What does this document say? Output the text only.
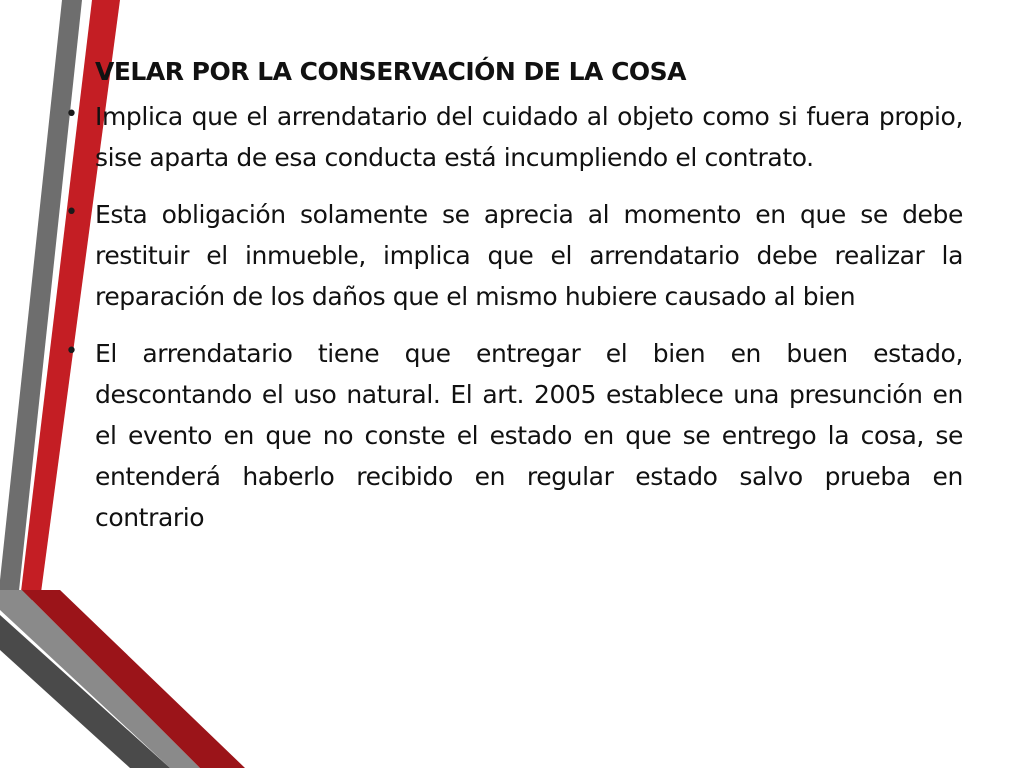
VELAR POR LA CONSERVACIÓN DE LA COSA
• Implica que el arrendatario del cuidado al objeto como si fuera propio, sise aparta de esa conducta está incumpliendo el contrato.
• Esta obligación solamente se aprecia al momento en que se debe restituir el inmueble, implica que el arrendatario debe realizar la reparación de los daños que el mismo hubiere causado al bien
• El arrendatario tiene que entregar el bien en buen estado, descontando el uso natural. El art. 2005 establece una presunción en el evento en que no conste el estado en que se entrego la cosa, se entenderá haberlo recibido en regular estado salvo prueba en contrario
